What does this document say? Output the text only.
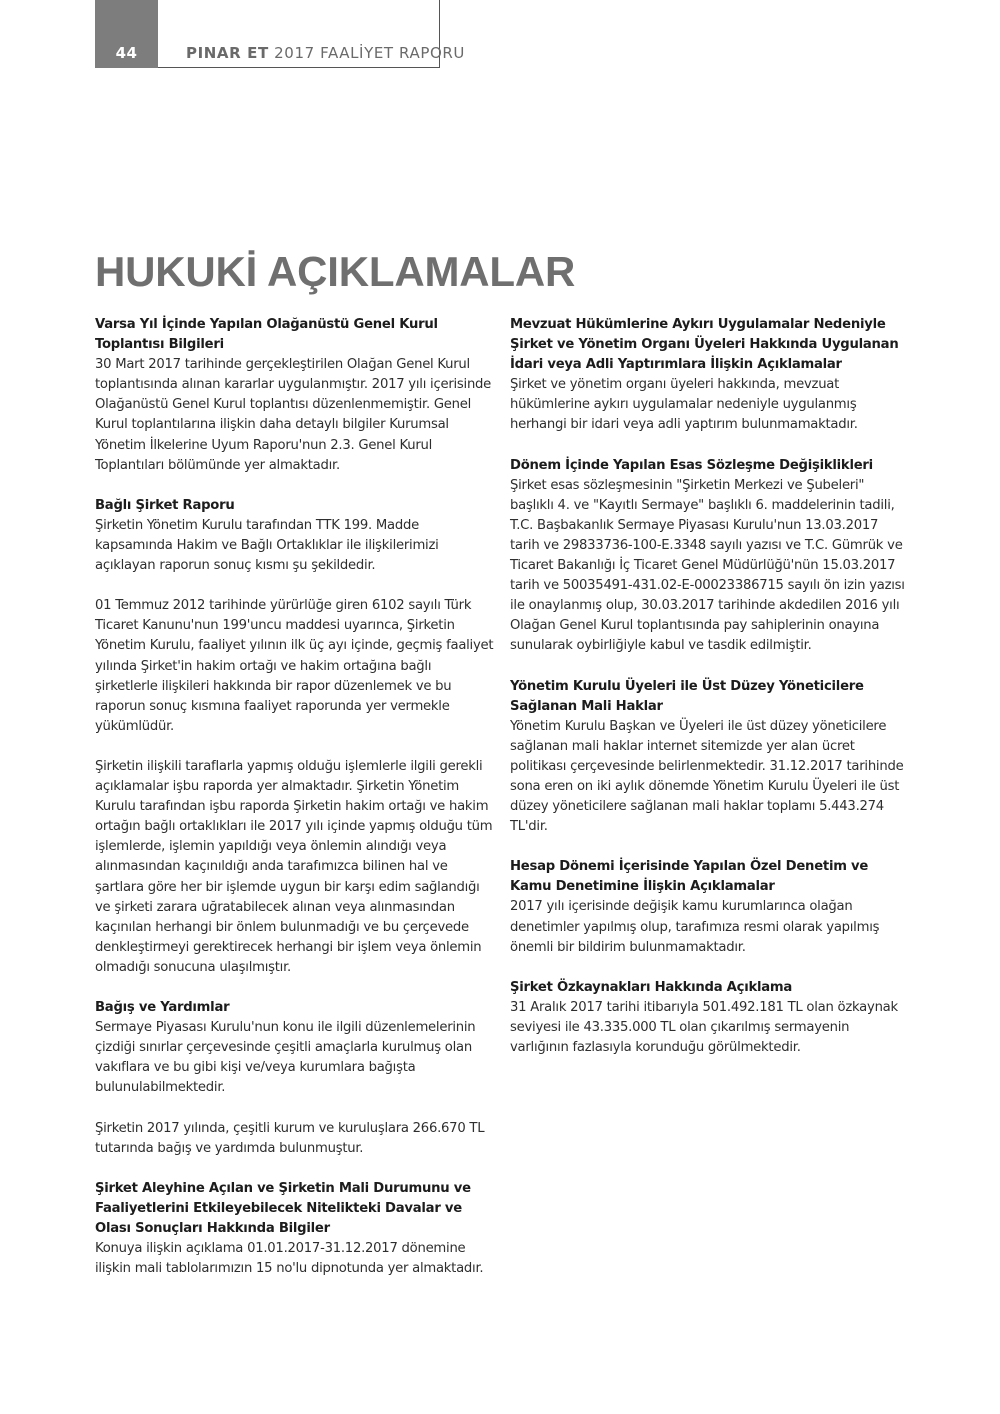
44	PINAR ET 2017 FAALİYET RAPORU
HUKUKİ AÇIKLAMALAR
Varsa Yıl İçinde Yapılan Olağanüstü Genel Kurul Toplantısı Bilgileri

30 Mart 2017 tarihinde gerçekleştirilen Olağan Genel Kurul toplantısında alınan kararlar uygulanmıştır. 2017 yılı içerisinde Olağanüstü Genel Kurul toplantısı düzenlenmemiştir. Genel Kurul toplantılarına ilişkin daha detaylı bilgiler Kurumsal Yönetim İlkelerine Uyum Raporu'nun 2.3. Genel Kurul Toplantıları bölümünde yer almaktadır.

Bağlı Şirket Raporu

Şirketin Yönetim Kurulu tarafından TTK 199. Madde kapsamında Hakim ve Bağlı Ortaklıklar ile ilişkilerimizi açıklayan raporun sonuç kısmı şu şekildedir.

01 Temmuz 2012 tarihinde yürürlüğe giren 6102 sayılı Türk Ticaret Kanunu'nun 199'uncu maddesi uyarınca, Şirketin Yönetim Kurulu, faaliyet yılının ilk üç ayı içinde, geçmiş faaliyet yılında Şirket'in hakim ortağı ve hakim ortağına bağlı şirketlerle ilişkileri hakkında bir rapor düzenlemek ve bu raporun sonuç kısmına faaliyet raporunda yer vermekle yükümlüdür.

Şirketin ilişkili taraflarla yapmış olduğu işlemlerle ilgili gerekli açıklamalar işbu raporda yer almaktadır. Şirketin Yönetim Kurulu tarafından işbu raporda Şirketin hakim ortağı ve hakim ortağın bağlı ortaklıkları ile 2017 yılı içinde yapmış olduğu tüm işlemlerde, işlemin yapıldığı veya önlemin alındığı veya alınmasından kaçınıldığı anda tarafımızca bilinen hal ve şartlara göre her bir işlemde uygun bir karşı edim sağlandığı ve şirketi zarara uğratabilecek alınan veya alınmasından kaçınılan herhangi bir önlem bulunmadığı ve bu çerçevede denkleştirmeyi gerektirecek herhangi bir işlem veya önlemin olmadığı sonucuna ulaşılmıştır.

Bağış ve Yardımlar

Sermaye Piyasası Kurulu'nun konu ile ilgili düzenlemelerinin çizdiği sınırlar çerçevesinde çeşitli amaçlarla kurulmuş olan vakıflara ve bu gibi kişi ve/veya kurumlara bağışta bulunulabilmektedir.

Şirketin 2017 yılında, çeşitli kurum ve kuruluşlara 266.670 TL tutarında bağış ve yardımda bulunmuştur.

Şirket Aleyhine Açılan ve Şirketin Mali Durumunu ve Faaliyetlerini Etkileyebilecek Nitelikteki Davalar ve Olası Sonuçları Hakkında Bilgiler

Konuya ilişkin açıklama 01.01.2017-31.12.2017 dönemine ilişkin mali tablolarımızın 15 no'lu dipnotunda yer almaktadır.

Mevzuat Hükümlerine Aykırı Uygulamalar Nedeniyle Şirket ve Yönetim Organı Üyeleri Hakkında Uygulanan İdari veya Adli Yaptırımlara İlişkin Açıklamalar

Şirket ve yönetim organı üyeleri hakkında, mevzuat hükümlerine aykırı uygulamalar nedeniyle uygulanmış herhangi bir idari veya adli yaptırım bulunmamaktadır.

Dönem İçinde Yapılan Esas Sözleşme Değişiklikleri

Şirket esas sözleşmesinin "Şirketin Merkezi ve Şubeleri" başlıklı 4. ve "Kayıtlı Sermaye" başlıklı 6. maddelerinin tadili, T.C. Başbakanlık Sermaye Piyasası Kurulu'nun 13.03.2017 tarih ve 29833736-100-E.3348 sayılı yazısı ve T.C. Gümrük ve Ticaret Bakanlığı İç Ticaret Genel Müdürlüğü'nün 15.03.2017 tarih ve 50035491-431.02-E-00023386715 sayılı ön izin yazısı ile onaylanmış olup, 30.03.2017 tarihinde akdedilen 2016 yılı Olağan Genel Kurul toplantısında pay sahiplerinin onayına sunularak oybirliğiyle kabul ve tasdik edilmiştir.

Yönetim Kurulu Üyeleri ile Üst Düzey Yöneticilere Sağlanan Mali Haklar

Yönetim Kurulu Başkan ve Üyeleri ile üst düzey yöneticilere sağlanan mali haklar internet sitemizde yer alan ücret politikası çerçevesinde belirlenmektedir. 31.12.2017 tarihinde sona eren on iki aylık dönemde Yönetim Kurulu Üyeleri ile üst düzey yöneticilere sağlanan mali haklar toplamı 5.443.274 TL'dir.

Hesap Dönemi İçerisinde Yapılan Özel Denetim ve Kamu Denetimine İlişkin Açıklamalar

2017 yılı içerisinde değişik kamu kurumlarınca olağan denetimler yapılmış olup, tarafımıza resmi olarak yapılmış önemli bir bildirim bulunmamaktadır.

Şirket Özkaynakları Hakkında Açıklama

31 Aralık 2017 tarihi itibarıyla 501.492.181 TL olan özkaynak seviyesi ile 43.335.000 TL olan çıkarılmış sermayenin varlığının fazlasıyla korunduğu görülmektedir.
